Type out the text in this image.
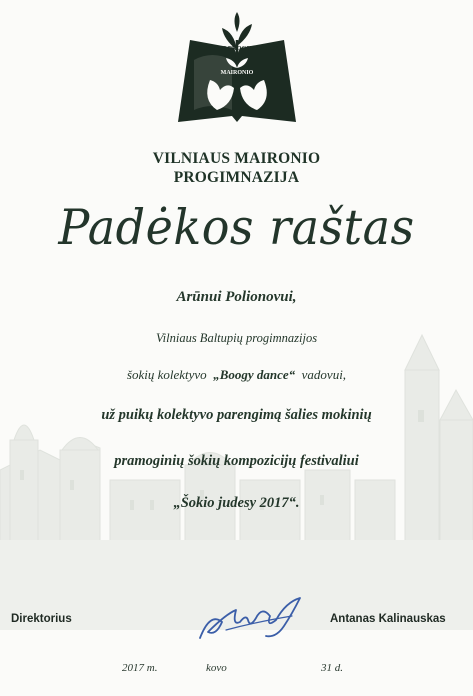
VILNIAUS PROGIMNAZIJA
MAIRONIO
VILNIAUS MAIRONIO
PROGIMNAZIJA
Padėkos raštas
Arūnui Polionovui,
Vilniaus Baltupių progimnazijos
šokių kolektyvo „Boogy dance“ vadovui,
už puikų kolektyvo parengimą šalies mokinių
pramoginių šokių kompozicijų festivaliui
„Šokio judesy 2017“.
Direktorius	Antanas Kalinauskas
2017 m.	kovo	31 d.
